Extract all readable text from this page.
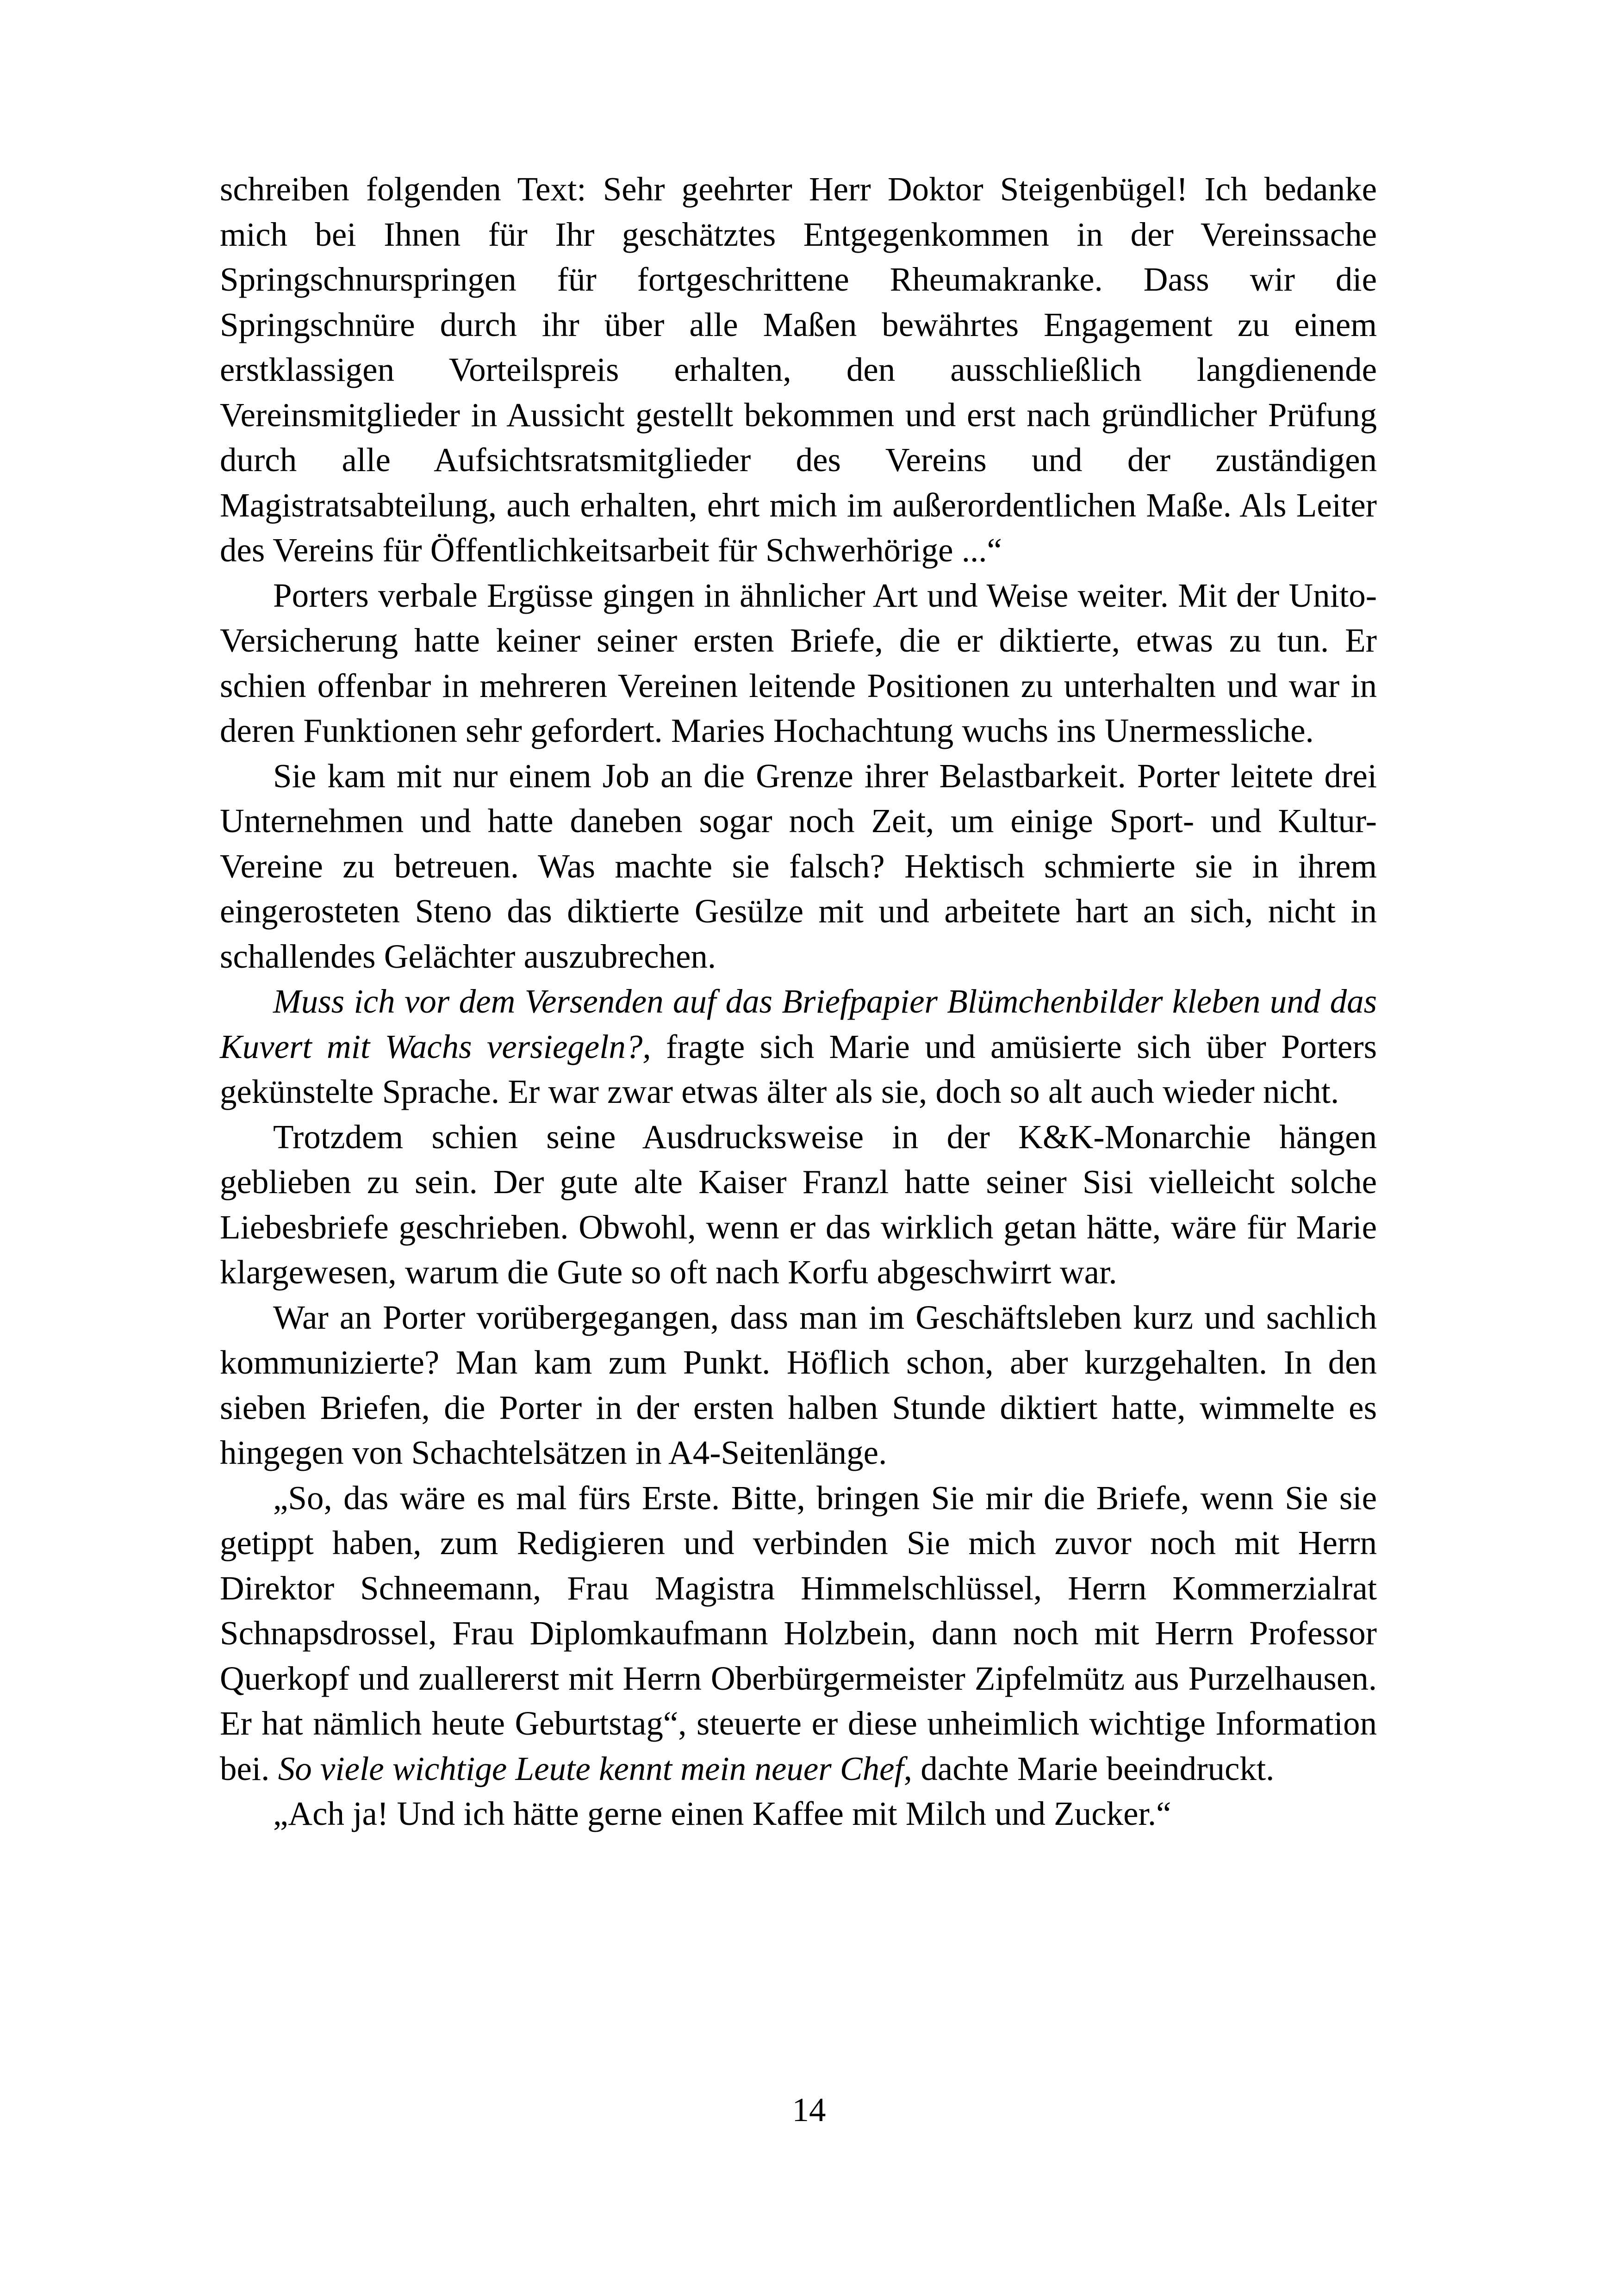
schreiben folgenden Text: Sehr geehrter Herr Doktor Steigenbügel! Ich bedanke mich bei Ihnen für Ihr geschätztes Entgegenkommen in der Vereinssache Springschnurspringen für fortgeschrittene Rheumakranke. Dass wir die Springschnüre durch ihr über alle Maßen bewährtes Engagement zu einem erstklassigen Vorteilspreis erhalten, den ausschließlich langdienende Vereinsmitglieder in Aussicht gestellt bekommen und erst nach gründlicher Prüfung durch alle Aufsichtsratsmitglieder des Vereins und der zuständigen Magistratsabteilung, auch erhalten, ehrt mich im außerordentlichen Maße. Als Leiter des Vereins für Öffentlichkeitsarbeit für Schwerhörige ...“

Porters verbale Ergüsse gingen in ähnlicher Art und Weise weiter. Mit der Unito-Versicherung hatte keiner seiner ersten Briefe, die er diktierte, etwas zu tun. Er schien offenbar in mehreren Vereinen leitende Positionen zu unterhalten und war in deren Funktionen sehr gefordert. Maries Hochachtung wuchs ins Unermessliche.

Sie kam mit nur einem Job an die Grenze ihrer Belastbarkeit. Porter leitete drei Unternehmen und hatte daneben sogar noch Zeit, um einige Sport- und Kultur-Vereine zu betreuen. Was machte sie falsch? Hektisch schmierte sie in ihrem eingerosteten Steno das diktierte Gesülze mit und arbeitete hart an sich, nicht in schallendes Gelächter auszubrechen.

Muss ich vor dem Versenden auf das Briefpapier Blümchenbilder kleben und das Kuvert mit Wachs versiegeln?, fragte sich Marie und amüsierte sich über Porters gekünstelte Sprache. Er war zwar etwas älter als sie, doch so alt auch wieder nicht.

Trotzdem schien seine Ausdrucksweise in der K&K-Monarchie hängen geblieben zu sein. Der gute alte Kaiser Franzl hatte seiner Sisi vielleicht solche Liebesbriefe geschrieben. Obwohl, wenn er das wirklich getan hätte, wäre für Marie klargewesen, warum die Gute so oft nach Korfu abgeschwirrt war.

War an Porter vorübergegangen, dass man im Geschäftsleben kurz und sachlich kommunizierte? Man kam zum Punkt. Höflich schon, aber kurzgehalten. In den sieben Briefen, die Porter in der ersten halben Stunde diktiert hatte, wimmelte es hingegen von Schachtelsätzen in A4-Seitenlänge.

„So, das wäre es mal fürs Erste. Bitte, bringen Sie mir die Briefe, wenn Sie sie getippt haben, zum Redigieren und verbinden Sie mich zuvor noch mit Herrn Direktor Schneemann, Frau Magistra Himmelschlüssel, Herrn Kommerzialrat Schnapsdrossel, Frau Diplomkaufmann Holzbein, dann noch mit Herrn Professor Querkopf und zuallererst mit Herrn Oberbürgermeister Zipfelmütz aus Purzelhausen. Er hat nämlich heute Geburtstag“, steuerte er diese unheimlich wichtige Information bei. So viele wichtige Leute kennt mein neuer Chef, dachte Marie beeindruckt.

„Ach ja! Und ich hätte gerne einen Kaffee mit Milch und Zucker.“

14
